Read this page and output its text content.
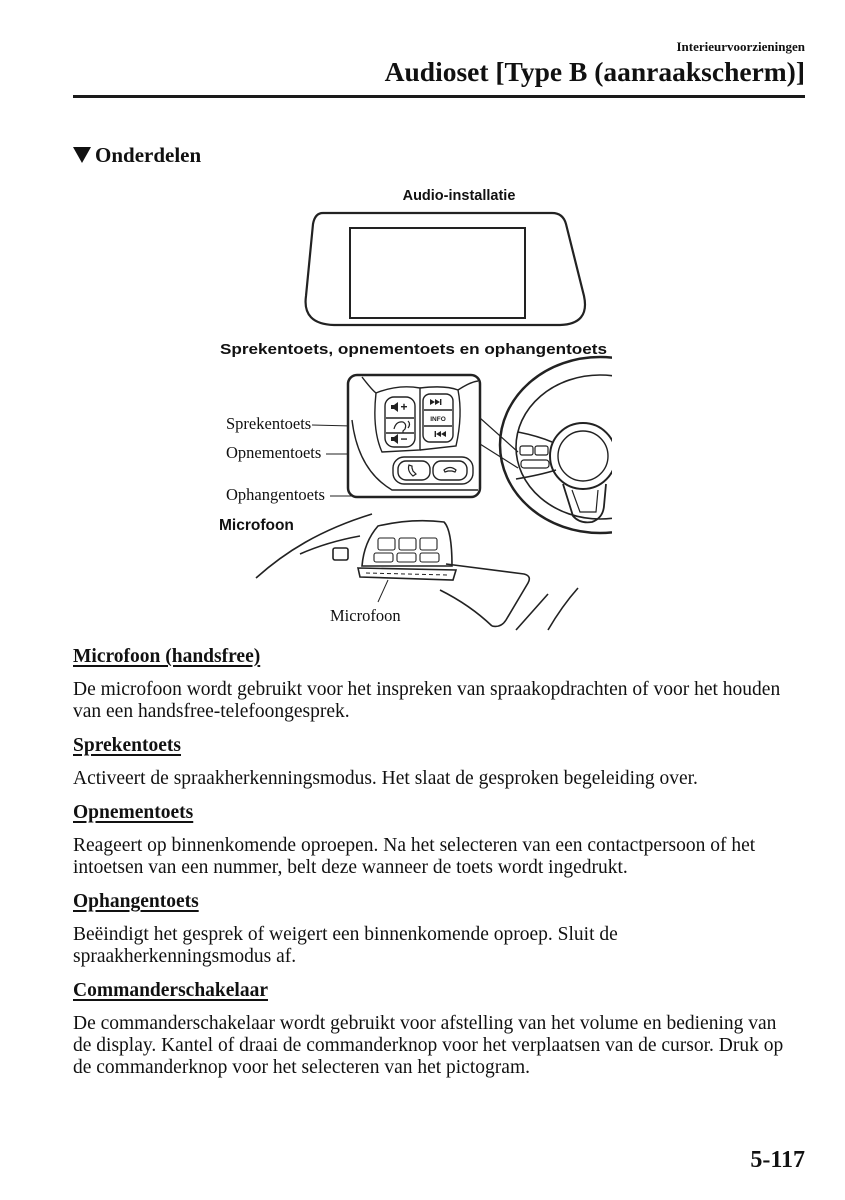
Interieurvoorzieningen
Audioset [Type B (aanraakscherm)]
Onderdelen
Audio-installatie
Sprekentoets, opnementoets en ophangentoets
INFO
Microfoon
Sprekentoets
Opnementoets
Ophangentoets
Microfoon
Microfoon (handsfree)
De microfoon wordt gebruikt voor het inspreken van spraakopdrachten of voor het houden
van een handsfree-telefoongesprek.
Sprekentoets
Activeert de spraakherkenningsmodus. Het slaat de gesproken begeleiding over.
Opnementoets
Reageert op binnenkomende oproepen. Na het selecteren van een contactpersoon of het
intoetsen van een nummer, belt deze wanneer de toets wordt ingedrukt.
Ophangentoets
Beëindigt het gesprek of weigert een binnenkomende oproep. Sluit de
spraakherkenningsmodus af.
Commanderschakelaar
De commanderschakelaar wordt gebruikt voor afstelling van het volume en bediening van
de display. Kantel of draai de commanderknop voor het verplaatsen van de cursor. Druk op
de commanderknop voor het selecteren van het pictogram.
5-117
